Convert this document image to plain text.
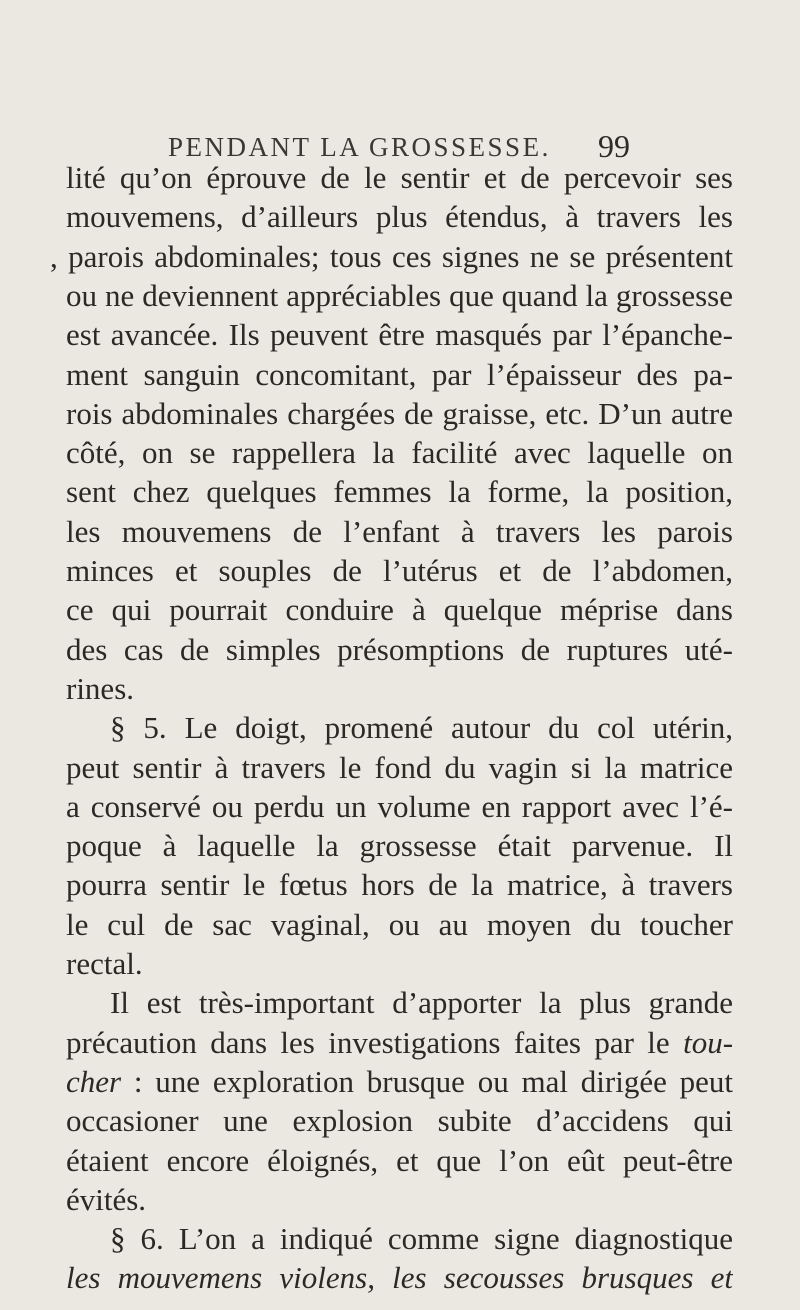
PENDANT LA GROSSESSE. 99
lité qu’on éprouve de le sentir et de percevoir ses
mouvemens, d’ailleurs plus étendus, à travers les
, parois abdominales; tous ces signes ne se présentent
ou ne deviennent appréciables que quand la grossesse
est avancée. Ils peuvent être masqués par l’épanche-
ment sanguin concomitant, par l’épaisseur des pa-
rois abdominales chargées de graisse, etc. D’un autre
côté, on se rappellera la facilité avec laquelle on
sent chez quelques femmes la forme, la position,
les mouvemens de l’enfant à travers les parois
minces et souples de l’utérus et de l’abdomen,
ce qui pourrait conduire à quelque méprise dans
des cas de simples présomptions de ruptures uté-
rines.
§ 5. Le doigt, promené autour du col utérin,
peut sentir à travers le fond du vagin si la matrice
a conservé ou perdu un volume en rapport avec l’é-
poque à laquelle la grossesse était parvenue. Il
pourra sentir le fœtus hors de la matrice, à travers
le cul de sac vaginal, ou au moyen du toucher
rectal.
Il est très-important d’apporter la plus grande
précaution dans les investigations faites par le tou-
cher : une exploration brusque ou mal dirigée peut
occasioner une explosion subite d’accidens qui
étaient encore éloignés, et que l’on eût peut-être
évités.
§ 6. L’on a indiqué comme signe diagnostique
les mouvemens violens, les secousses brusques et
